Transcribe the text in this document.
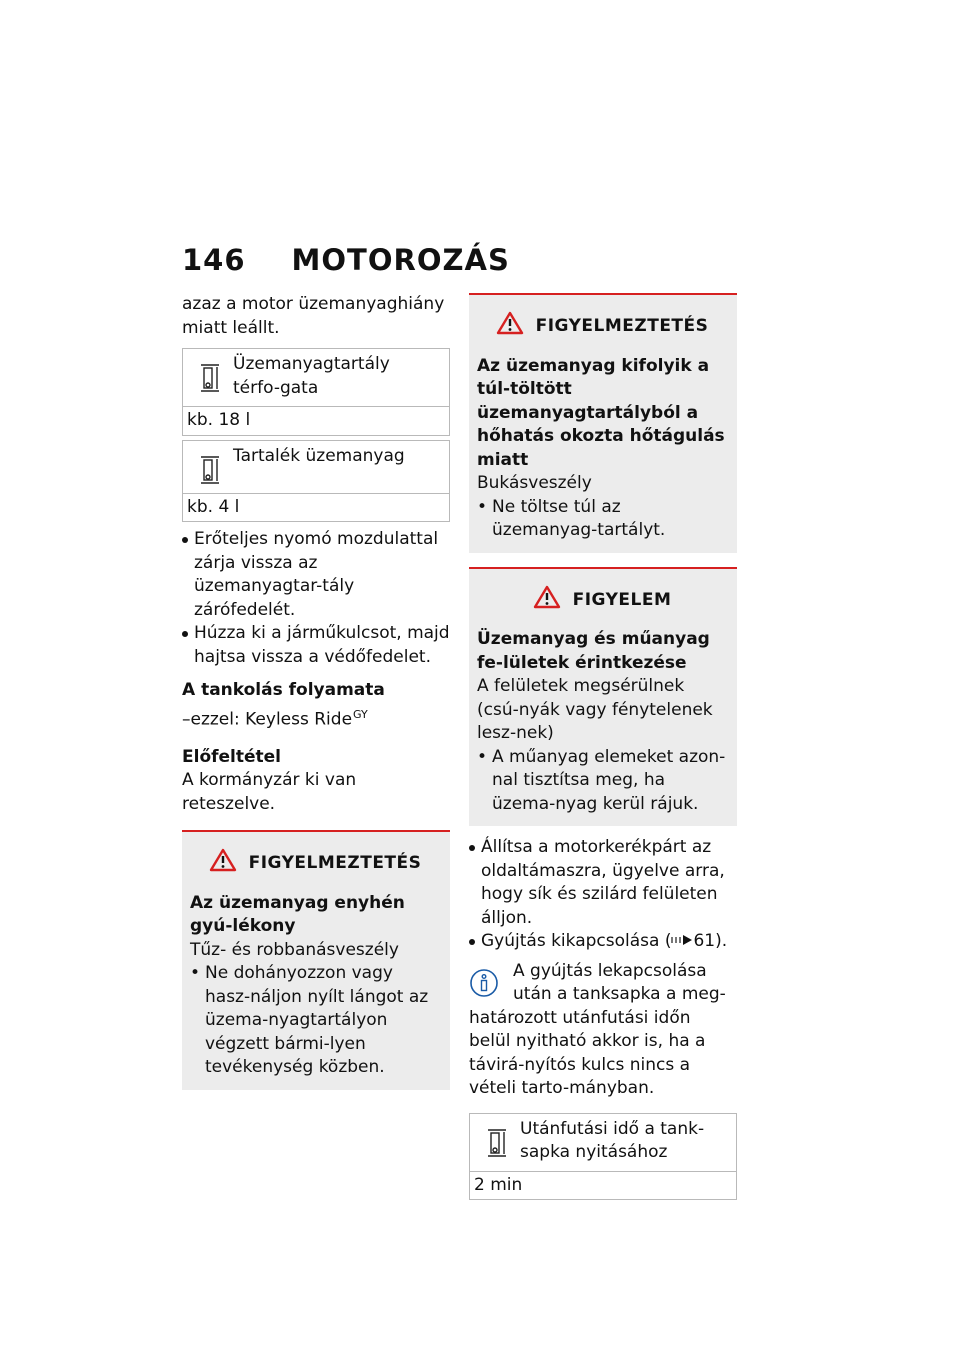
146 MOTOROZÁS

azaz a motor üzemanyaghiány miatt leállt.

Üzemanyagtartály térfo-gata
kb. 18 l
Tartalék üzemanyag
kb. 4 l
Erőteljes nyomó mozdulattal zárja vissza az üzemanyagtar-tály zárófedelét.
Húzza ki a járműkulcsot, majd hajtsa vissza a védőfedelet.

A tankolás folyamata

–ezzel: Keyless Ride$^{GY}$

Előfeltétel

A kormányzár ki van reteszelve.

FIGYELMEZTETÉS

Az üzemanyag enyhén gyú-lékony

Tűz- és robbanásveszély

• Ne dohányozzon vagy hasz-náljon nyílt lángot az üzema-nyagtartályon végzett bármi-lyen tevékenység közben.

FIGYELMEZTETÉS

Az üzemanyag kifolyik a túl-töltött üzemanyagtartályból a hőhatás okozta hőtágulás miatt

Bukásveszély

• Ne töltse túl az üzemanyag-tartályt.

FIGYELEM

Üzemanyag és műanyag fe-lületek érintkezése

A felületek megsérülnek (csú-nyák vagy fénytelenek lesz-nek)

• A műanyag elemeket azon-nal tisztítsa meg, ha üzema-nyag kerül rájuk.

Állítsa a motorkerékpárt az oldaltámaszra, ügyelve arra, hogy sík és szilárd felületen álljon.
Gyújtás kikapcsolása ( 61).

A gyújtás lekapcsolása után a tanksapka a meg-

határozott utánfutási időn belül nyitható akkor is, ha a távirá-nyítós kulcs nincs a vételi tarto-mányban.

Utánfutási idő a tank-sapka nyitásához
2 min
